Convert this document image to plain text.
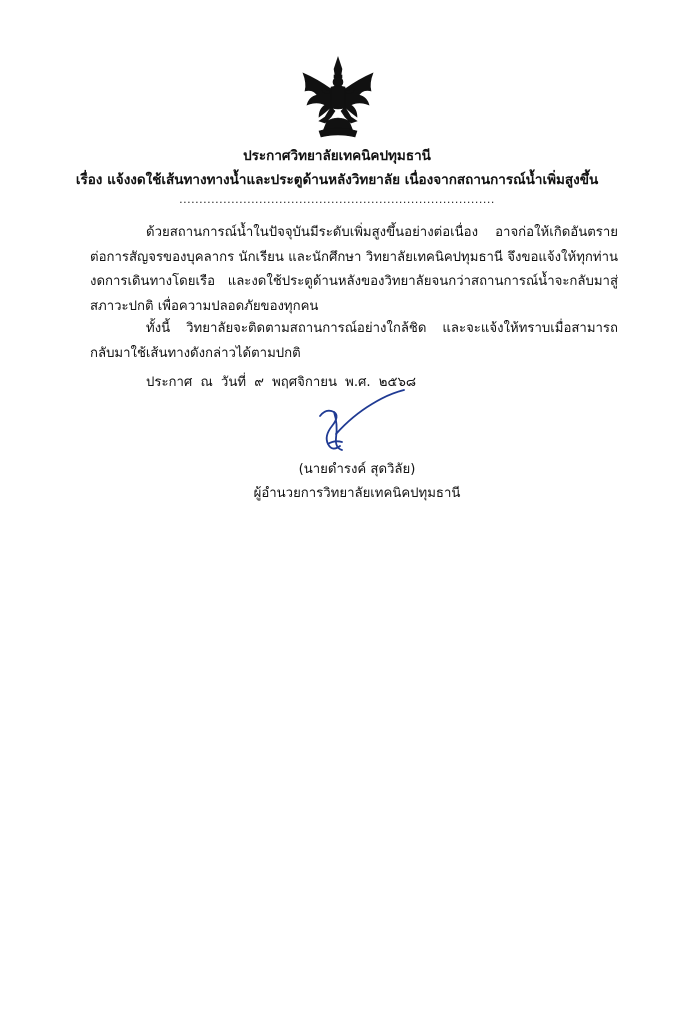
ประกาศวิทยาลัยเทคนิคปทุมธานี
เรื่อง แจ้งงดใช้เส้นทางทางน้ำและประตูด้านหลังวิทยาลัย เนื่องจากสถานการณ์น้ำเพิ่มสูงขึ้น
...............................................................................
ด้วยสถานการณ์น้ำในปัจจุบันมีระดับเพิ่มสูงขึ้นอย่างต่อเนื่อง อาจก่อให้เกิดอันตรายต่อการสัญจรของบุคลากร นักเรียน และนักศึกษา วิทยาลัยเทคนิคปทุมธานี จึงขอแจ้งให้ทุกท่าน งดการเดินทางโดยเรือ และงดใช้ประตูด้านหลังของวิทยาลัยจนกว่าสถานการณ์น้ำจะกลับมาสู่สภาวะปกติ เพื่อความปลอดภัยของทุกคน
ทั้งนี้ วิทยาลัยจะติดตามสถานการณ์อย่างใกล้ชิด และจะแจ้งให้ทราบเมื่อสามารถกลับมาใช้เส้นทางดังกล่าวได้ตามปกติ
ประกาศ ณ วันที่ ๙ พฤศจิกายน พ.ศ. ๒๕๖๘
(นายดำรงค์ สุดวิลัย)
ผู้อำนวยการวิทยาลัยเทคนิคปทุมธานี
